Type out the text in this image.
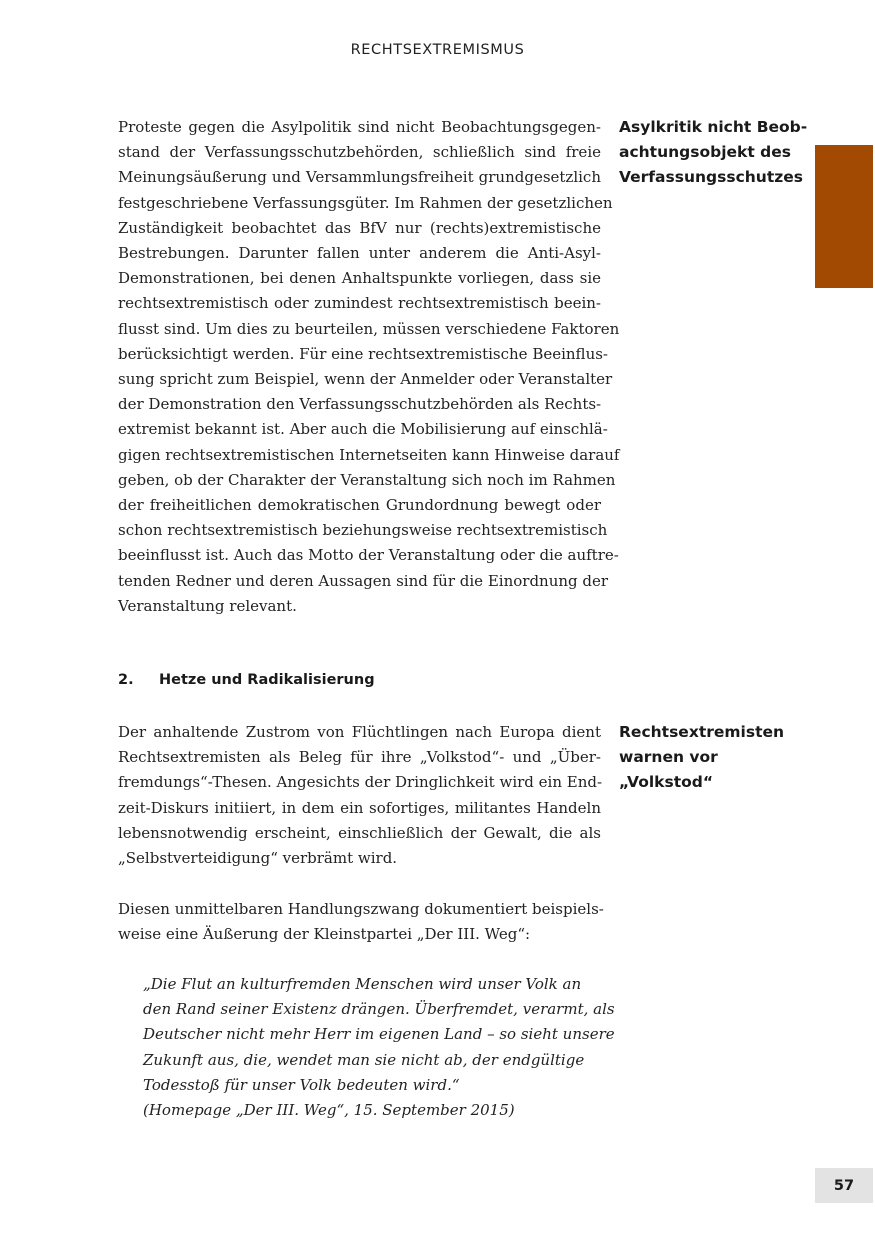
RECHTSEXTREMISMUS

Proteste gegen die Asylpolitik sind nicht Beobachtungsgegen-
stand der Verfassungsschutzbehörden, schließlich sind freie
Meinungsäußerung und Versammlungsfreiheit grundgesetzlich
festgeschriebene Verfassungsgüter. Im Rahmen der gesetzlichen
Zuständigkeit beobachtet das BfV nur (rechts)extremistische
Bestrebungen. Darunter fallen unter anderem die Anti-Asyl-
Demonstrationen, bei denen Anhaltspunkte vorliegen, dass sie
rechtsextremistisch oder zumindest rechtsextremistisch beein-
flusst sind. Um dies zu beurteilen, müssen verschiedene Faktoren
berücksichtigt werden. Für eine rechtsextremistische Beeinflus-
sung spricht zum Beispiel, wenn der Anmelder oder Veranstalter
der Demonstration den Verfassungsschutzbehörden als Rechts-
extremist bekannt ist. Aber auch die Mobilisierung auf einschlä-
gigen rechtsextremistischen Internetseiten kann Hinweise darauf
geben, ob der Charakter der Veranstaltung sich noch im Rahmen
der freiheitlichen demokratischen Grundordnung bewegt oder
schon rechtsextremistisch beziehungsweise rechtsextremistisch
beeinflusst ist. Auch das Motto der Veranstaltung oder die auftre-
tenden Redner und deren Aussagen sind für die Einordnung der
Veranstaltung relevant.

Asylkritik nicht Beob-
achtungsobjekt des
Verfassungsschutzes
2. Hetze und Radikalisierung

Der anhaltende Zustrom von Flüchtlingen nach Europa dient
Rechtsextremisten als Beleg für ihre „Volkstod“- und „Über-
fremdungs“-Thesen. Angesichts der Dringlichkeit wird ein End-
zeit-Diskurs initiiert, in dem ein sofortiges, militantes Handeln
lebensnotwendig erscheint, einschließlich der Gewalt, die als
„Selbstverteidigung“ verbrämt wird.

Rechtsextremisten
warnen vor
„Volkstod“

Diesen unmittelbaren Handlungszwang dokumentiert beispiels-
weise eine Äußerung der Kleinstpartei „Der III. Weg“:

„Die Flut an kulturfremden Menschen wird unser Volk an
den Rand seiner Existenz drängen. Überfremdet, verarmt, als
Deutscher nicht mehr Herr im eigenen Land – so sieht unsere
Zukunft aus, die, wendet man sie nicht ab, der endgültige
Todesstoß für unser Volk bedeuten wird.“
(Homepage „Der III. Weg“, 15. September 2015)
57
